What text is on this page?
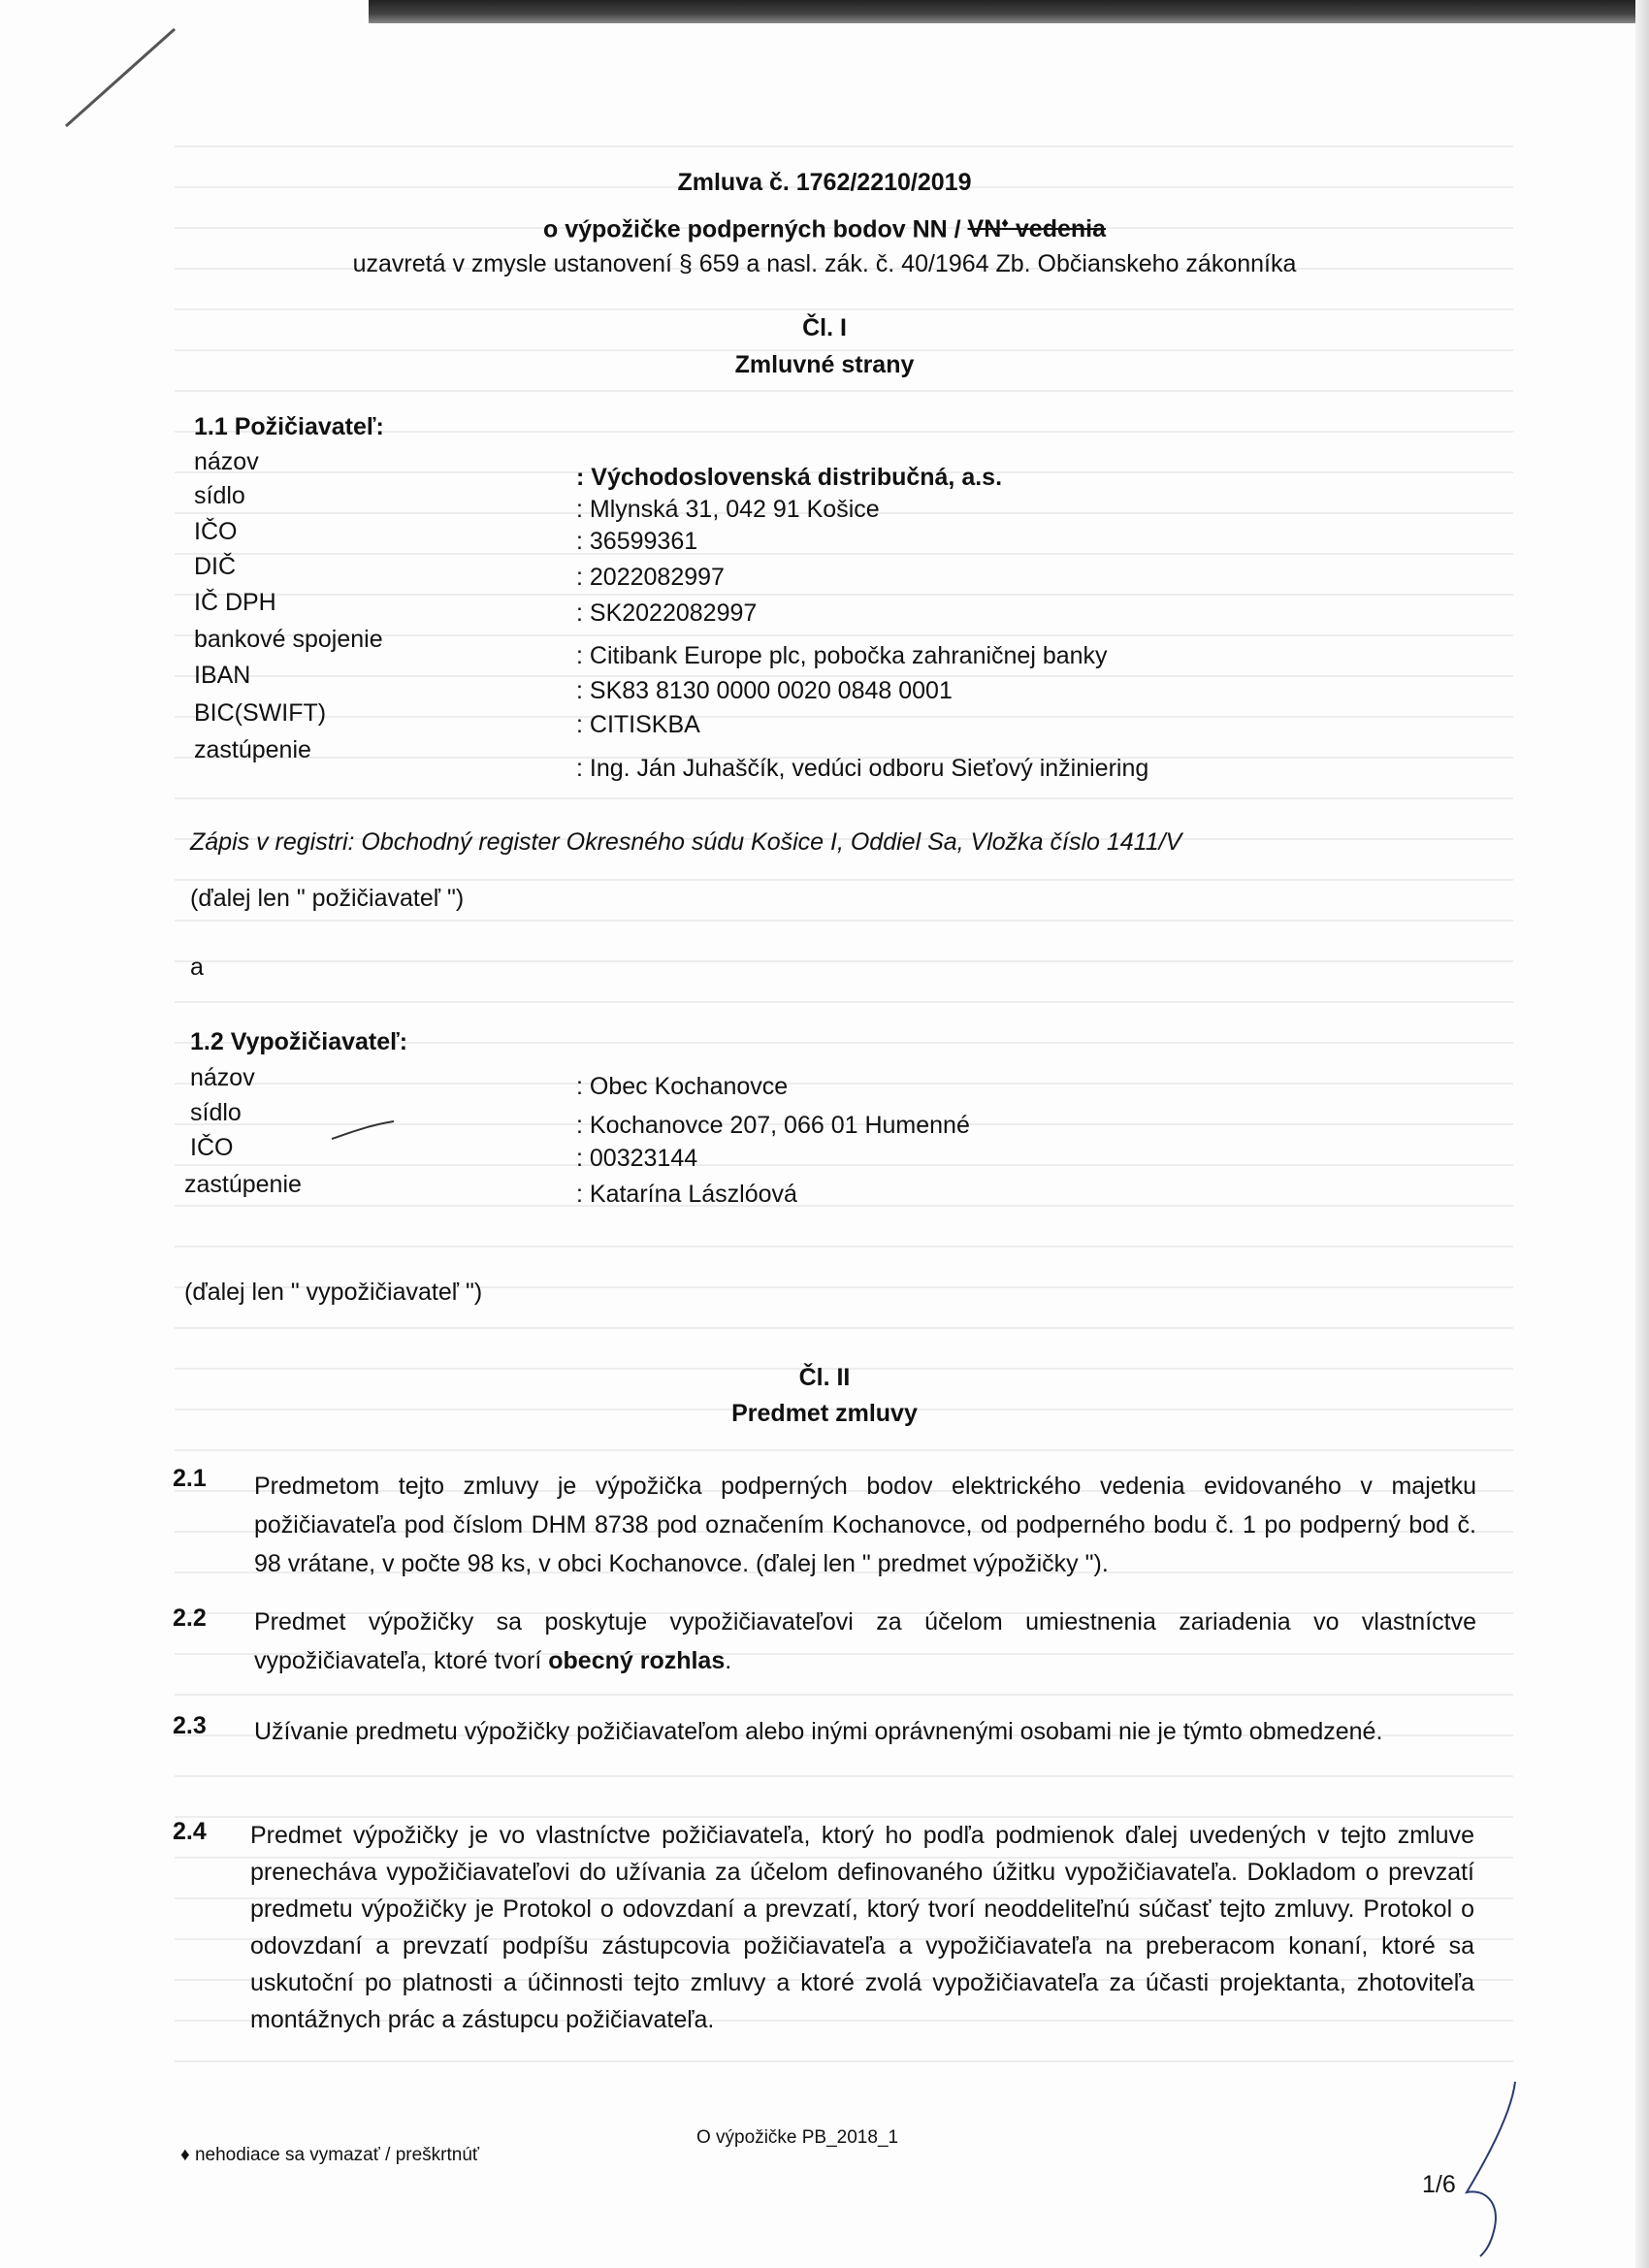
Zmluva č. 1762/2210/2019
o výpožičke podperných bodov NN / VN♦ vedenia
uzavretá v zmysle ustanovení § 659 a nasl. zák. č. 40/1964 Zb. Občianskeho zákonníka
Čl. I
Zmluvné strany
1.1 Požičiavateľ:
názov
: Východoslovenská distribučná, a.s.
sídlo	: Mlynská 31, 042 91 Košice
IČO	: 36599361
DIČ	: 2022082997
IČ DPH	: SK2022082997
bankové spojenie
: Citibank Europe plc, pobočka zahraničnej banky
IBAN
: SK83 8130 0000 0020 0848 0001
BIC(SWIFT)	: CITISKBA
zastúpenie
: Ing. Ján Juhaščík, vedúci odboru Sieťový inžiniering
Zápis v registri: Obchodný register Okresného súdu Košice I, Oddiel Sa, Vložka číslo 1411/V
(ďalej len " požičiavateľ ")
a
1.2 Vypožičiavateľ:
názov	: Obec Kochanovce
sídlo	: Kochanovce 207, 066 01 Humenné
IČO	: 00323144
zastúpenie	: Katarína Lászlóová
(ďalej len " vypožičiavateľ ")
Čl. II
Predmet zmluvy
2.1 Predmetom tejto zmluvy je výpožička podperných bodov elektrického vedenia evidovaného v majetku požičiavateľa pod číslom DHM 8738 pod označením Kochanovce, od podperného bodu č. 1 po podperný bod č. 98 vrátane, v počte 98 ks, v obci Kochanovce. (ďalej len " predmet výpožičky ").
2.2 Predmet výpožičky sa poskytuje vypožičiavateľovi za účelom umiestnenia zariadenia vo vlastníctve vypožičiavateľa, ktoré tvorí obecný rozhlas.
2.3 Užívanie predmetu výpožičky požičiavateľom alebo inými oprávnenými osobami nie je týmto obmedzené.
2.4 Predmet výpožičky je vo vlastníctve požičiavateľa, ktorý ho podľa podmienok ďalej uvedených v tejto zmluve prenecháva vypožičiavateľovi do užívania za účelom definovaného úžitku vypožičiavateľa. Dokladom o prevzatí predmetu výpožičky je Protokol o odovzdaní a prevzatí, ktorý tvorí neoddeliteľnú súčasť tejto zmluvy. Protokol o odovzdaní a prevzatí podpíšu zástupcovia požičiavateľa a vypožičiavateľa na preberacom konaní, ktoré sa uskutoční po platnosti a účinnosti tejto zmluvy a ktoré zvolá vypožičiavateľa za účasti projektanta, zhotoviteľa montážnych prác a zástupcu požičiavateľa.
♦ nehodiace sa vymazať / preškrtnúť
O výpožičke PB_2018_1
1/6
